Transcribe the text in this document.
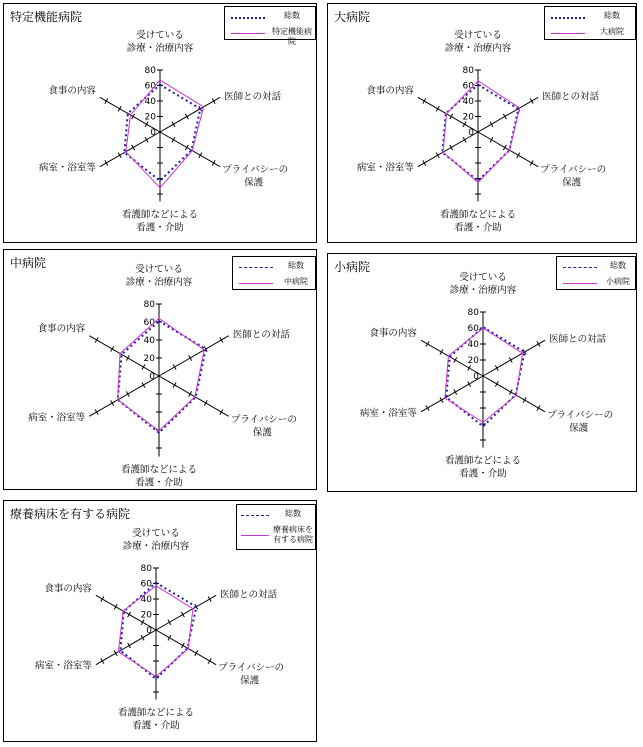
0
20
40
60
80
受けている診療・治療内容
医師との対話
プライバシーの保護
看護師などによる看護・介助
病室・浴室等
食事の内容
特定機能病院	総数
特定機能病院
0
20
40
60
80
受けている診療・治療内容
医師との対話
プライバシーの保護
看護師などによる看護・介助
病室・浴室等
食事の内容
大病院	総数
大病院
0
20
40
60
80
受けている診療・治療内容
医師との対話
プライバシーの保護
看護師などによる看護・介助
病室・浴室等
食事の内容
中病院	総数
中病院
0
20
40
60
80
受けている診療・治療内容
医師との対話
プライバシーの保護
看護師などによる看護・介助
病室・浴室等
食事の内容
小病院	総数
小病院
0
20
40
60
80
受けている診療・治療内容
医師との対話
プライバシーの保護
看護師などによる看護・介助
病室・浴室等
食事の内容
療養病床を有する病院	総数
療養病床を
有する病院
